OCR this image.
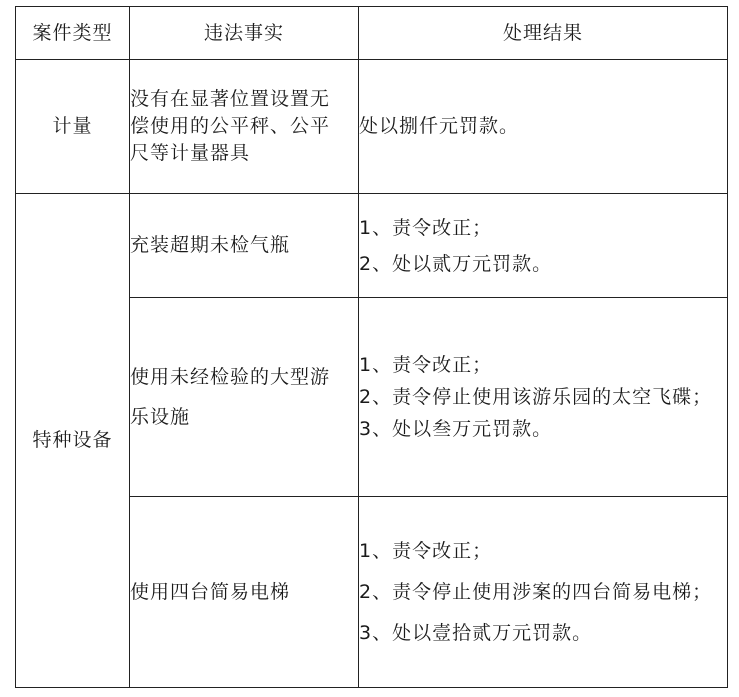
案件类型	违法事实	处理结果
计量	没有在显著位置设置无
偿使用的公平秤、公平
尺等计量器具	处以捌仟元罚款。

特种设备	充装超期未检气瓶	1、责令改正；
2、处以贰万元罚款。

	使用未经检验的大型游
乐设施	1、责令改正；
2、责令停止使用该游乐园的太空飞碟；
3、处以叁万元罚款。

	使用四台简易电梯	1、责令改正；
2、责令停止使用涉案的四台简易电梯；
3、处以壹拾贰万元罚款。
